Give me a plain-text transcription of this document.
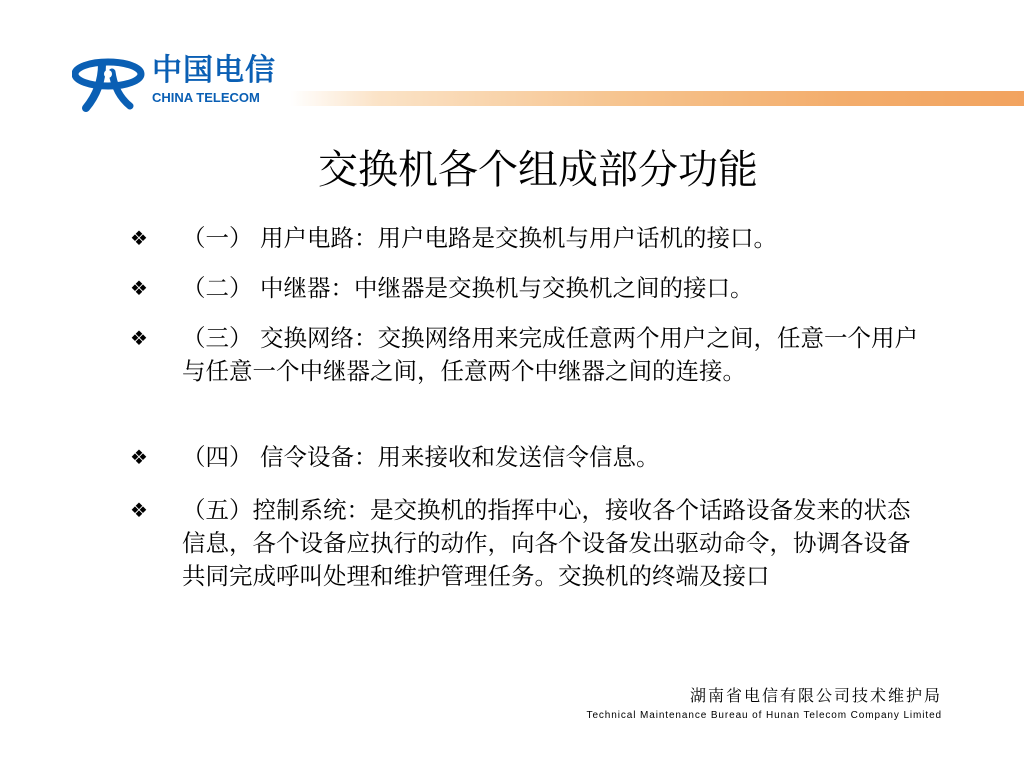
中国电信
CHINA TELECOM
交换机各个组成部分功能
❖ （一） 用户电路：用户电路是交换机与用户话机的接口。
❖ （二） 中继器：中继器是交换机与交换机之间的接口。
❖ （三） 交换网络：交换网络用来完成任意两个用户之间，任意一个用户与任意一个中继器之间，任意两个中继器之间的连接。
❖ （四） 信令设备：用来接收和发送信令信息。
❖ （五）控制系统：是交换机的指挥中心，接收各个话路设备发来的状态信息，各个设备应执行的动作，向各个设备发出驱动命令，协调各设备共同完成呼叫处理和维护管理任务。交换机的终端及接口
湖南省电信有限公司技术维护局
Technical Maintenance Bureau of Hunan Telecom Company Limited
